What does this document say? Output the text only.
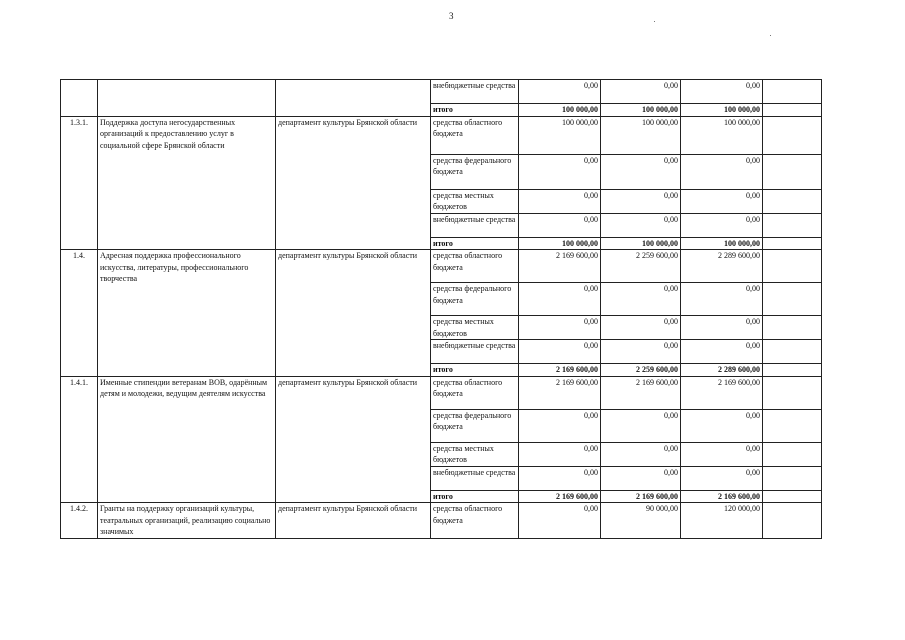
3
			внебюджетные средства	0,00	0,00	0,00	
			итого	100 000,00	100 000,00	100 000,00	
1.3.1.	Поддержка доступа негосударственных организаций к предоставлению услуг в социальной сфере Брянской области	департамент культуры Брянской области	средства областного бюджета	100 000,00	100 000,00	100 000,00	
			средства федерального бюджета	0,00	0,00	0,00	
			средства местных бюджетов	0,00	0,00	0,00	
			внебюджетные средства	0,00	0,00	0,00	
			итого	100 000,00	100 000,00	100 000,00	
1.4.	Адресная поддержка профессионального искусства, литературы, профессионального творчества	департамент культуры Брянской области	средства областного бюджета	2 169 600,00	2 259 600,00	2 289 600,00	
			средства федерального бюджета	0,00	0,00	0,00	
			средства местных бюджетов	0,00	0,00	0,00	
			внебюджетные средства	0,00	0,00	0,00	
			итого	2 169 600,00	2 259 600,00	2 289 600,00	
1.4.1.	Именные стипендии ветеранам ВОВ, одарённым детям и молодежи, ведущим деятелям искусства	департамент культуры Брянской области	средства областного бюджета	2 169 600,00	2 169 600,00	2 169 600,00	
			средства федерального бюджета	0,00	0,00	0,00	
			средства местных бюджетов	0,00	0,00	0,00	
			внебюджетные средства	0,00	0,00	0,00	
			итого	2 169 600,00	2 169 600,00	2 169 600,00	
1.4.2.	Гранты на поддержку организаций культуры, театральных организаций, реализацию социально значимых	департамент культуры Брянской области	средства областного бюджета	0,00	90 000,00	120 000,00	
